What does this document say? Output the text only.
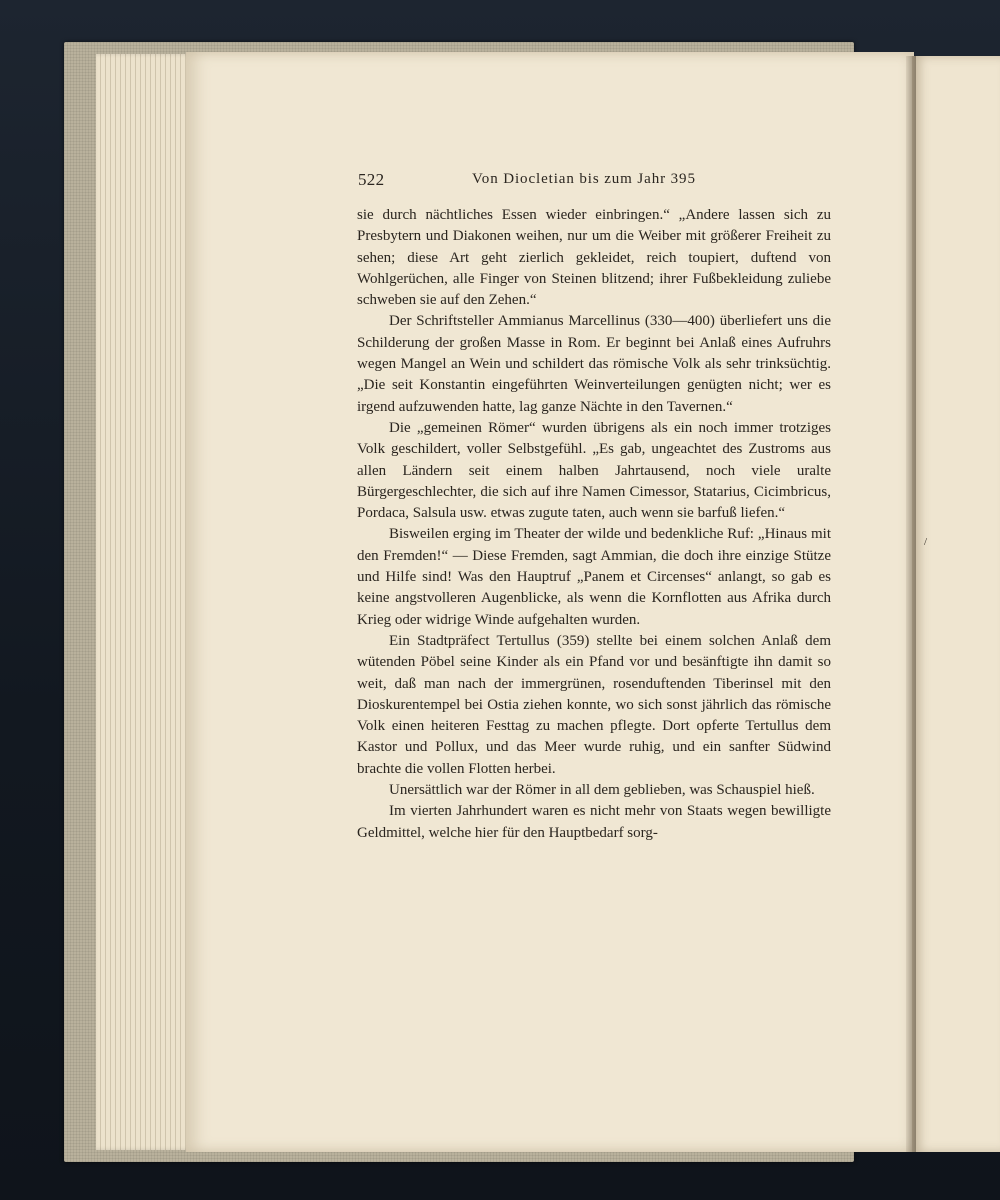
522	Von Diocletian bis zum Jahr 395

sie durch nächtliches Essen wieder einbringen.“ „Andere lassen sich zu Presbytern und Diakonen weihen, nur um die Weiber mit größerer Freiheit zu sehen; diese Art geht zierlich gekleidet, reich toupiert, duftend von Wohlgerüchen, alle Finger von Steinen blitzend; ihrer Fußbekleidung zuliebe schweben sie auf den Zehen.“

Der Schriftsteller Ammianus Marcellinus (330—400) überliefert uns die Schilderung der großen Masse in Rom. Er beginnt bei Anlaß eines Aufruhrs wegen Mangel an Wein und schildert das römische Volk als sehr trinksüchtig. „Die seit Konstantin eingeführten Weinverteilungen genügten nicht; wer es irgend aufzuwenden hatte, lag ganze Nächte in den Tavernen.“

Die „gemeinen Römer“ wurden übrigens als ein noch immer trotziges Volk geschildert, voller Selbstgefühl. „Es gab, ungeachtet des Zustroms aus allen Ländern seit einem halben Jahrtausend, noch viele uralte Bürgergeschlechter, die sich auf ihre Namen Cimessor, Statarius, Cicimbricus, Pordaca, Salsula usw. etwas zugute taten, auch wenn sie barfuß liefen.“

Bisweilen erging im Theater der wilde und bedenkliche Ruf: „Hinaus mit den Fremden!“ — Diese Fremden, sagt Ammian, die doch ihre einzige Stütze und Hilfe sind! Was den Hauptruf „Panem et Circenses“ anlangt, so gab es keine angstvolleren Augenblicke, als wenn die Kornflotten aus Afrika durch Krieg oder widrige Winde aufgehalten wurden.

Ein Stadtpräfect Tertullus (359) stellte bei einem solchen Anlaß dem wütenden Pöbel seine Kinder als ein Pfand vor und besänftigte ihn damit so weit, daß man nach der immergrünen, rosenduftenden Tiberinsel mit den Dioskurentempel bei Ostia ziehen konnte, wo sich sonst jährlich das römische Volk einen heiteren Festtag zu machen pflegte. Dort opferte Tertullus dem Kastor und Pollux, und das Meer wurde ruhig, und ein sanfter Südwind brachte die vollen Flotten herbei.

Unersättlich war der Römer in all dem geblieben, was Schauspiel hieß.

Im vierten Jahrhundert waren es nicht mehr von Staats wegen bewilligte Geldmittel, welche hier für den Hauptbedarf sorg-

/
